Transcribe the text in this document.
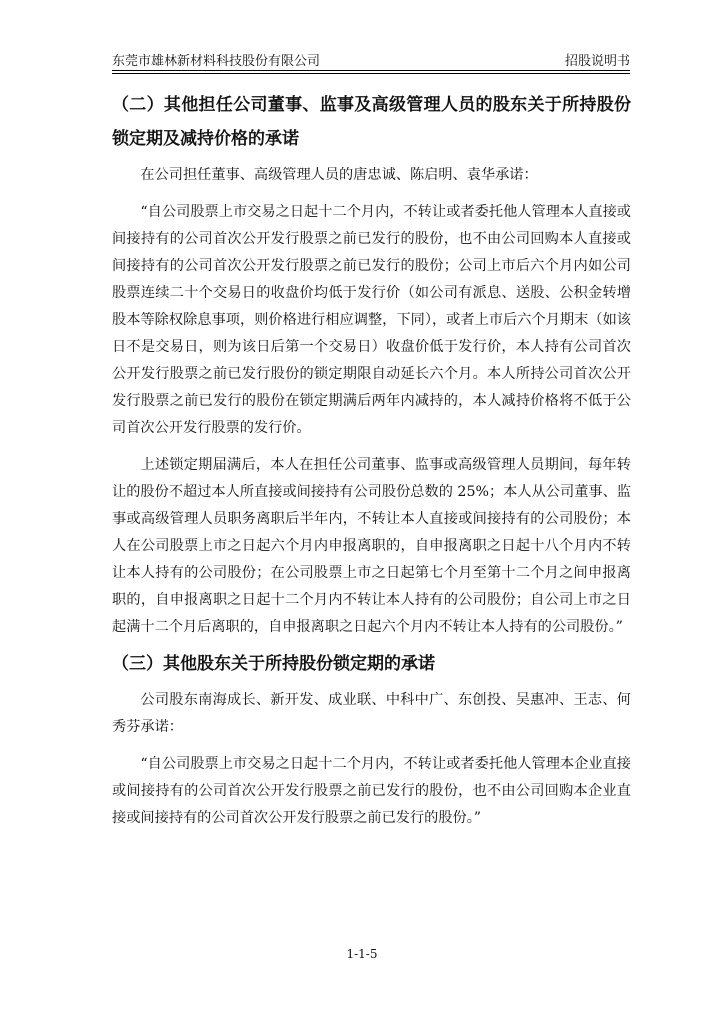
东莞市雄林新材料科技股份有限公司	招股说明书

（二）其他担任公司董事、监事及高级管理人员的股东关于所持股份锁定期及减持价格的承诺

在公司担任董事、高级管理人员的唐忠诚、陈启明、袁华承诺：

“自公司股票上市交易之日起十二个月内，不转让或者委托他人管理本人直接或间接持有的公司首次公开发行股票之前已发行的股份，也不由公司回购本人直接或间接持有的公司首次公开发行股票之前已发行的股份；公司上市后六个月内如公司股票连续二十个交易日的收盘价均低于发行价（如公司有派息、送股、公积金转增股本等除权除息事项，则价格进行相应调整，下同），或者上市后六个月期末（如该日不是交易日，则为该日后第一个交易日）收盘价低于发行价，本人持有公司首次公开发行股票之前已发行股份的锁定期限自动延长六个月。本人所持公司首次公开发行股票之前已发行的股份在锁定期满后两年内减持的，本人减持价格将不低于公司首次公开发行股票的发行价。

上述锁定期届满后，本人在担任公司董事、监事或高级管理人员期间，每年转让的股份不超过本人所直接或间接持有公司股份总数的 25%；本人从公司董事、监事或高级管理人员职务离职后半年内，不转让本人直接或间接持有的公司股份；本人在公司股票上市之日起六个月内申报离职的，自申报离职之日起十八个月内不转让本人持有的公司股份；在公司股票上市之日起第七个月至第十二个月之间申报离职的，自申报离职之日起十二个月内不转让本人持有的公司股份；自公司上市之日起满十二个月后离职的，自申报离职之日起六个月内不转让本人持有的公司股份。”

（三）其他股东关于所持股份锁定期的承诺

公司股东南海成长、新开发、成业联、中科中广、东创投、吴惠冲、王志、何秀芬承诺：

“自公司股票上市交易之日起十二个月内，不转让或者委托他人管理本企业直接或间接持有的公司首次公开发行股票之前已发行的股份，也不由公司回购本企业直接或间接持有的公司首次公开发行股票之前已发行的股份。”

1-1-5
